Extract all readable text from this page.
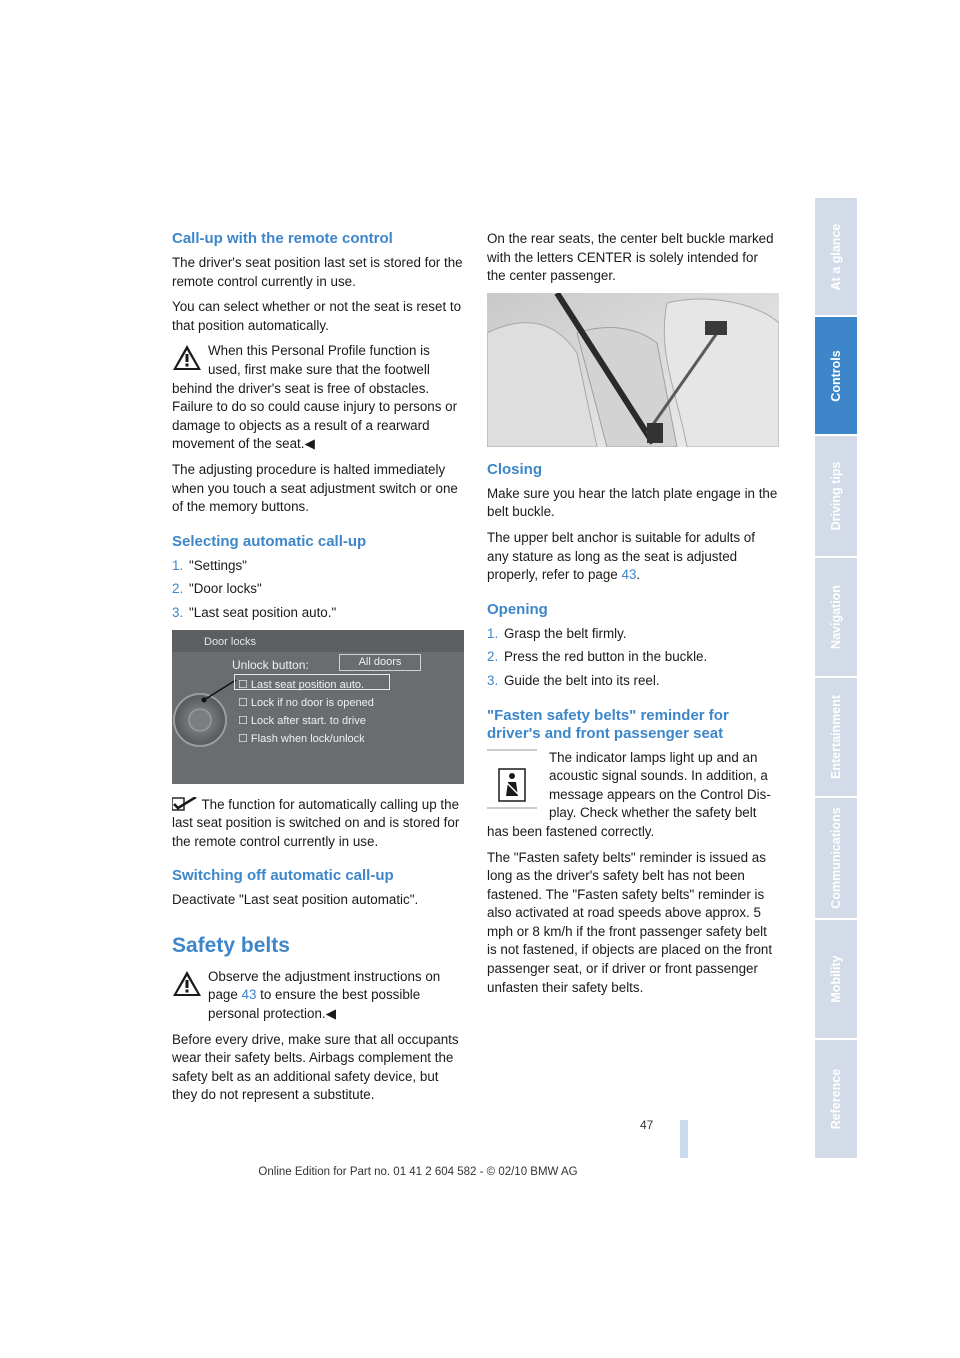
Call-up with the remote control

The driver's seat position last set is stored for the remote control currently in use.

You can select whether or not the seat is reset to that position automatically.

When this Personal Profile function is used, first make sure that the footwell
behind the driver's seat is free of obstacles. Failure to do so could cause injury to persons or damage to objects as a result of a rearward movement of the seat.◀

The adjusting procedure is halted immediately when you touch a seat adjustment switch or one of the memory buttons.

Selecting automatic call-up
1. "Settings"
2. "Door locks"
3. "Last seat position auto."
Door locks
Unlock button:	All doors
☐ Last seat position auto.
☐ Lock if no door is opened
☐ Lock after start. to drive
☐ Flash when lock/unlock

The function for automatically calling up the last seat position is switched on and is stored for the remote control currently in use.

Switching off automatic call-up

Deactivate "Last seat position automatic".

Safety belts

Observe the adjustment instructions on page 43 to ensure the best possible personal protection.◀

Before every drive, make sure that all occupants wear their safety belts. Airbags complement the safety belt as an additional safety device, but they do not represent a substitute.

On the rear seats, the center belt buckle marked with the letters CENTER is solely intended for the center passenger.

Closing

Make sure you hear the latch plate engage in the belt buckle.

The upper belt anchor is suitable for adults of any stature as long as the seat is adjusted properly, refer to page 43.

Opening
1. Grasp the belt firmly.
2. Press the red button in the buckle.
3. Guide the belt into its reel.
"Fasten safety belts" reminder for driver's and front passenger seat

The indicator lamps light up and an acoustic signal sounds. In addition, a message appears on the Control Dis-play. Check whether the safety belt

has been fastened correctly.

The "Fasten safety belts" reminder is issued as long as the driver's safety belt has not been fastened. The "Fasten safety belts" reminder is also activated at road speeds above approx. 5 mph or 8 km/h if the front passenger safety belt is not fastened, if objects are placed on the front passenger seat, or if driver or front passenger unfasten their safety belts.

At a glance
Controls
Driving tips
Navigation
Entertainment
Communications
Mobility
Reference
47
Online Edition for Part no. 01 41 2 604 582 - © 02/10 BMW AG
